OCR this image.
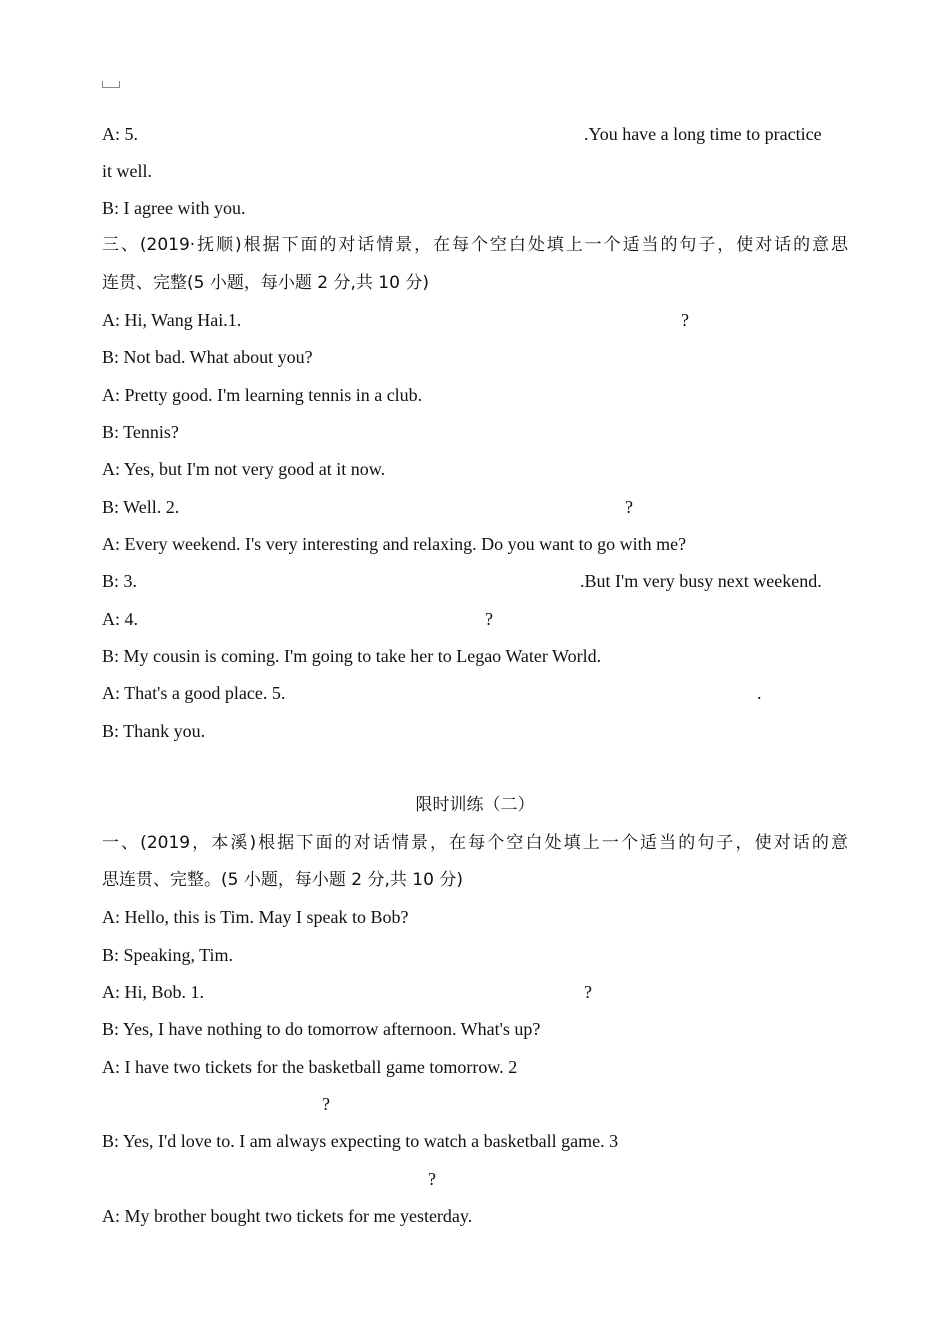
A: 5.	.You have a long time to practice
it well.
B: I agree with you.
三、(2019·抚顺)根据下面的对话情景，在每个空白处填上一个适当的句子，使对话的意思
连贯、完整(5 小题，每小题 2 分,共 10 分)
A: Hi, Wang Hai.1.	?
B: Not bad. What about you?
A: Pretty good. I'm learning tennis in a club.
B: Tennis?
A: Yes, but I'm not very good at it now.
B: Well. 2.	?
A: Every weekend. I's very interesting and relaxing. Do you want to go with me?
B: 3.	.But I'm very busy next weekend.
A: 4.	?
B: My cousin is coming. I'm going to take her to Legao Water World.
A: That's a good place. 5.	.
B: Thank you.
限时训练（二）
一、(2019，本溪)根据下面的对话情景，在每个空白处填上一个适当的句子，使对话的意
思连贯、完整。(5 小题，每小题 2 分,共 10 分)
A: Hello, this is Tim. May I speak to Bob?
B: Speaking, Tim.
A: Hi, Bob. 1.	?
B: Yes, I have nothing to do tomorrow afternoon. What's up?
A: I have two tickets for the basketball game tomorrow. 2
?
B: Yes, I'd love to. I am always expecting to watch a basketball game. 3
?
A: My brother bought two tickets for me yesterday.
